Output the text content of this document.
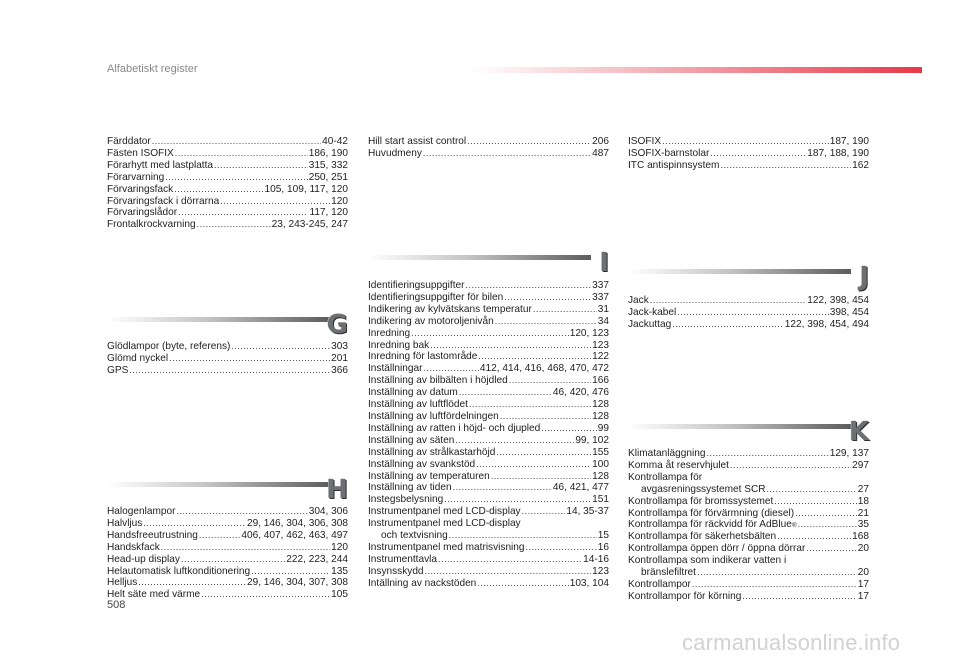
Alfabetiskt register
Färddator .....	40-42
Fästen ISOFIX .....	186, 190
Förarhytt med lastplatta .....	315, 332
Förarvarning .....	250, 251
Förvaringsfack .....	105, 109, 117, 120
Förvaringsfack i dörrarna .....	120
Förvaringslådor .....	117, 120
Frontalkrockvarning .....	23, 243-245, 247
G
Glödlampor (byte, referens) .....	303
Glömd nyckel .....	201
GPS .....	366
H
Halogenlampor .....	304, 306
Halvljus .....	29, 146, 304, 306, 308
Handsfreeutrustning .....	406, 407, 462, 463, 497
Handskfack .....	120
Head-up display .....	222, 223, 244
Helautomatisk luftkonditionering .....	135
Helljus .....	29, 146, 304, 307, 308
Helt säte med värme .....	105
Hill start assist control .....	206
Huvudmeny .....	487
I
Identifieringsuppgifter .....	337
Identifieringsuppgifter för bilen .....	337
Indikering av kylvätskans temperatur .....	31
Indikering av motoroljenivån .....	34
Inredning .....	120, 123
Inredning bak .....	123
Inredning för lastområde .....	122
Inställningar .....	412, 414, 416, 468, 470, 472
Inställning av bilbälten i höjdled .....	166
Inställning av datum .....	46, 420, 476
Inställning av luftflödet .....	128
Inställning av luftfördelningen .....	128
Inställning av ratten i höjd- och djupled .....	99
Inställning av säten .....	99, 102
Inställning av strålkastarhöjd .....	155
Inställning av svankstöd .....	100
Inställning av temperaturen .....	128
Inställning av tiden .....	46, 421, 477
Instegsbelysning .....	151
Instrumentpanel med LCD-display .....	14, 35-37
Instrumentpanel med LCD-display
och textvisning .....	15
Instrumentpanel med matrisvisning .....	16
Instrumenttavla .....	14-16
Insynsskydd .....	123
Intällning av nackstöden .....	103, 104
ISOFIX .....	187, 190
ISOFIX-barnstolar .....	187, 188, 190
ITC antispinnsystem .....	162
J
Jack .....	122, 398, 454
Jack-kabel .....	398, 454
Jackuttag .....	122, 398, 454, 494
K
Klimatanläggning .....	129, 137
Komma åt reservhjulet .....	297
Kontrollampa för
avgasreningssystemet SCR .....	27
Kontrollampa för bromssystemet .....	18
Kontrollampa för förvärmning (diesel) .....	21
Kontrollampa för räckvidd för AdBlue ® .....	35
Kontrollampa för säkerhetsbälten .....	168
Kontrollampa öppen dörr / öppna dörrar .....	20
Kontrollampa som indikerar vatten i
bränslefiltret .....	20
Kontrollampor .....	17
Kontrollampor för körning .....	17
508
carmanualsonline.info
